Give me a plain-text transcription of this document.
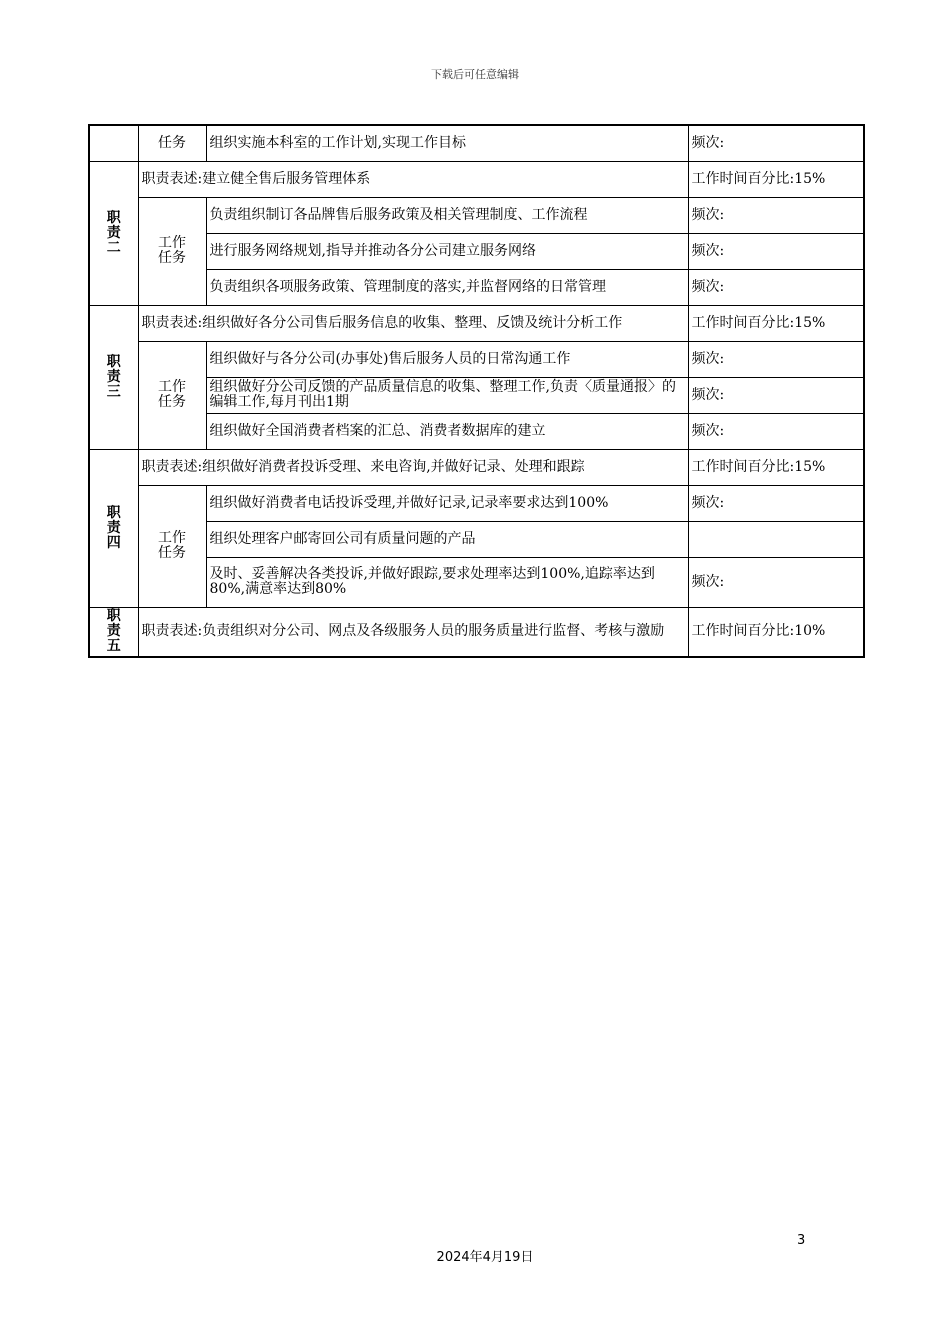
下载后可任意编辑
	任务	组织实施本科室的工作计划,实现工作目标	频次:

职
责
二	职责表述:建立健全售后服务管理体系		工作时间百分比:15%

	工作
任务	负责组织制订各品牌售后服务政策及相关管理制度、工作流程	频次:
		进行服务网络规划,指导并推动各分公司建立服务网络	频次:
		负责组织各项服务政策、管理制度的落实,并监督网络的日常管理	频次:

职
责
三	职责表述:组织做好各分公司售后服务信息的收集、整理、反馈及统计分析工作		工作时间百分比:15%

	工作
任务	组织做好与各分公司(办事处)售后服务人员的日常沟通工作	频次:
		组织做好分公司反馈的产品质量信息的收集、整理工作,负责〈质量通报〉的编辑工作,每月刊出1期	频次:
		组织做好全国消费者档案的汇总、消费者数据库的建立	频次:

职
责
四	职责表述:组织做好消费者投诉受理、来电咨询,并做好记录、处理和跟踪		工作时间百分比:15%

	工作
任务	组织做好消费者电话投诉受理,并做好记录,记录率要求达到100%	频次:
		组织处理客户邮寄回公司有质量问题的产品	
		及时、妥善解决各类投诉,并做好跟踪,要求处理率达到100%,追踪率达到80%,满意率达到80%	频次:

职
责
五	职责表述:负责组织对分公司、网点及各级服务人员的服务质量进行监督、考核与激励		工作时间百分比:10%
3
2024年4月19日
